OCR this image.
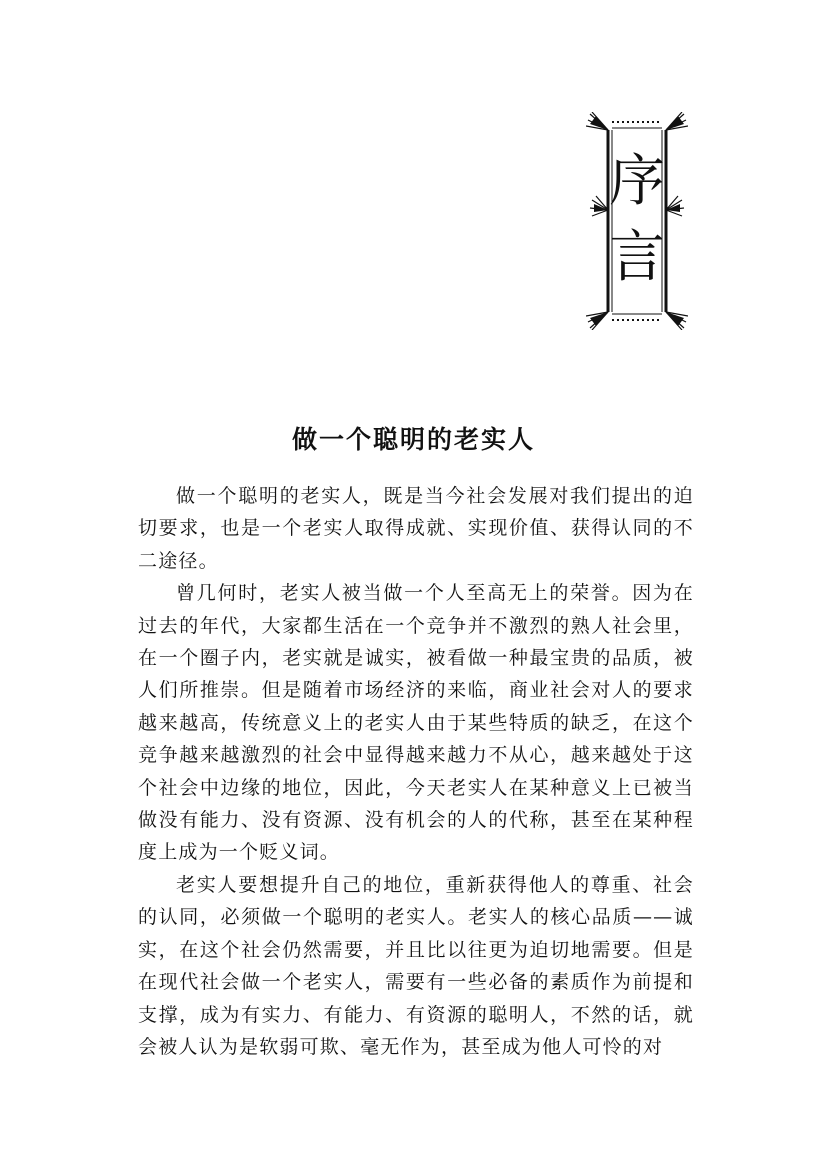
序
言
做一个聪明的老实人

做一个聪明的老实人，既是当今社会发展对我们提出的迫切要求，也是一个老实人取得成就、实现价值、获得认同的不二途径。

曾几何时，老实人被当做一个人至高无上的荣誉。因为在过去的年代，大家都生活在一个竞争并不激烈的熟人社会里，在一个圈子内，老实就是诚实，被看做一种最宝贵的品质，被人们所推崇。但是随着市场经济的来临，商业社会对人的要求越来越高，传统意义上的老实人由于某些特质的缺乏，在这个竞争越来越激烈的社会中显得越来越力不从心，越来越处于这个社会中边缘的地位，因此，今天老实人在某种意义上已被当做没有能力、没有资源、没有机会的人的代称，甚至在某种程度上成为一个贬义词。

老实人要想提升自己的地位，重新获得他人的尊重、社会的认同，必须做一个聪明的老实人。老实人的核心品质——诚实，在这个社会仍然需要，并且比以往更为迫切地需要。但是在现代社会做一个老实人，需要有一些必备的素质作为前提和支撑，成为有实力、有能力、有资源的聪明人，不然的话，就会被人认为是软弱可欺、毫无作为，甚至成为他人可怜的对
